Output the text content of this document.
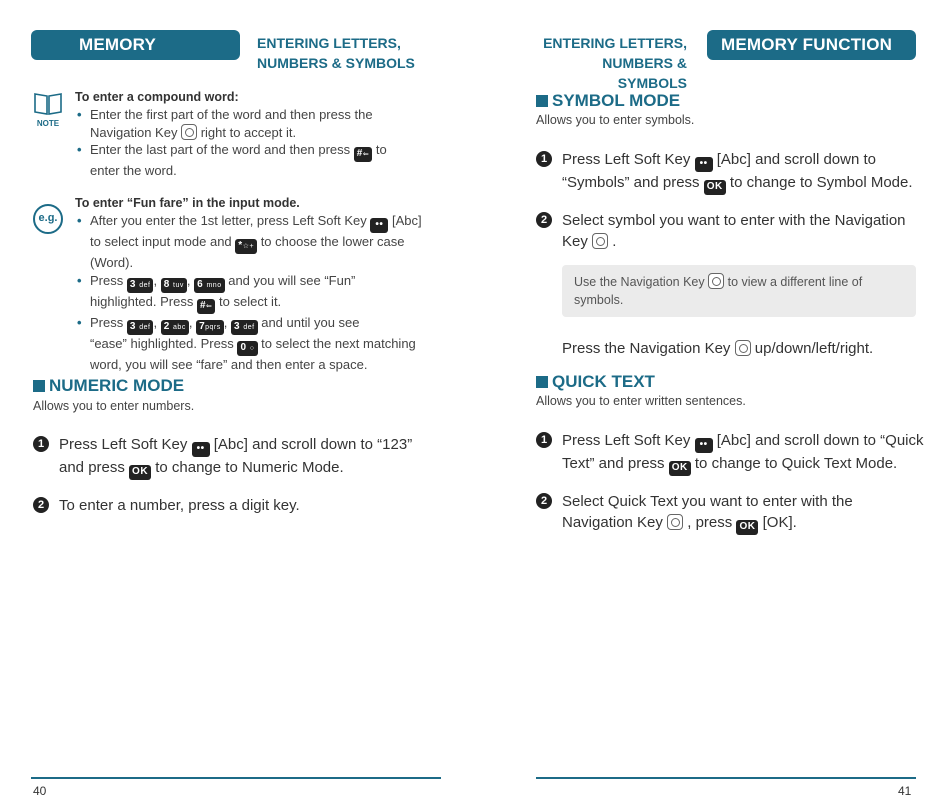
MEMORY FUNCTION
ENTERING LETTERS,
NUMBERS & SYMBOLS
NOTE
To enter a compound word:
• Enter the first part of the word and then press the
Navigation Key right to accept it.
• Enter the last part of the word and then press #⇐ to
enter the word.
e.g.
To enter “Fun fare” in the input mode.
• After you enter the 1st letter, press Left Soft Key •• [Abc]
to select input mode and *☆+ to choose the lower case
(Word).
• Press 3 def , 8 tuv , 6 mno and you will see “Fun”
highlighted. Press #⇐ to select it.
• Press 3 def , 2 abc , 7pqrs , 3 def and until you see
“ease” highlighted. Press 0 ○ to select the next matching
word, you will see “fare” and then enter a space.
NUMERIC MODE
Allows you to enter numbers.
1 Press Left Soft Key •• [Abc] and scroll down to “123”
and press OK to change to Numeric Mode.
2 To enter a number, press a digit key.
40
ENTERING LETTERS,
NUMBERS & SYMBOLS
MEMORY FUNCTION
SYMBOL MODE
Allows you to enter symbols.
1 Press Left Soft Key •• [Abc] and scroll down to
“Symbols” and press OK to change to Symbol Mode.
2 Select symbol you want to enter with the Navigation
Key .
Use the Navigation Key to view a different line of
symbols.
Press the Navigation Key up/down/left/right.
QUICK TEXT
Allows you to enter written sentences.
1 Press Left Soft Key •• [Abc] and scroll down to “Quick
Text” and press OK to change to Quick Text Mode.
2 Select Quick Text you want to enter with the
Navigation Key , press OK [OK].
41
